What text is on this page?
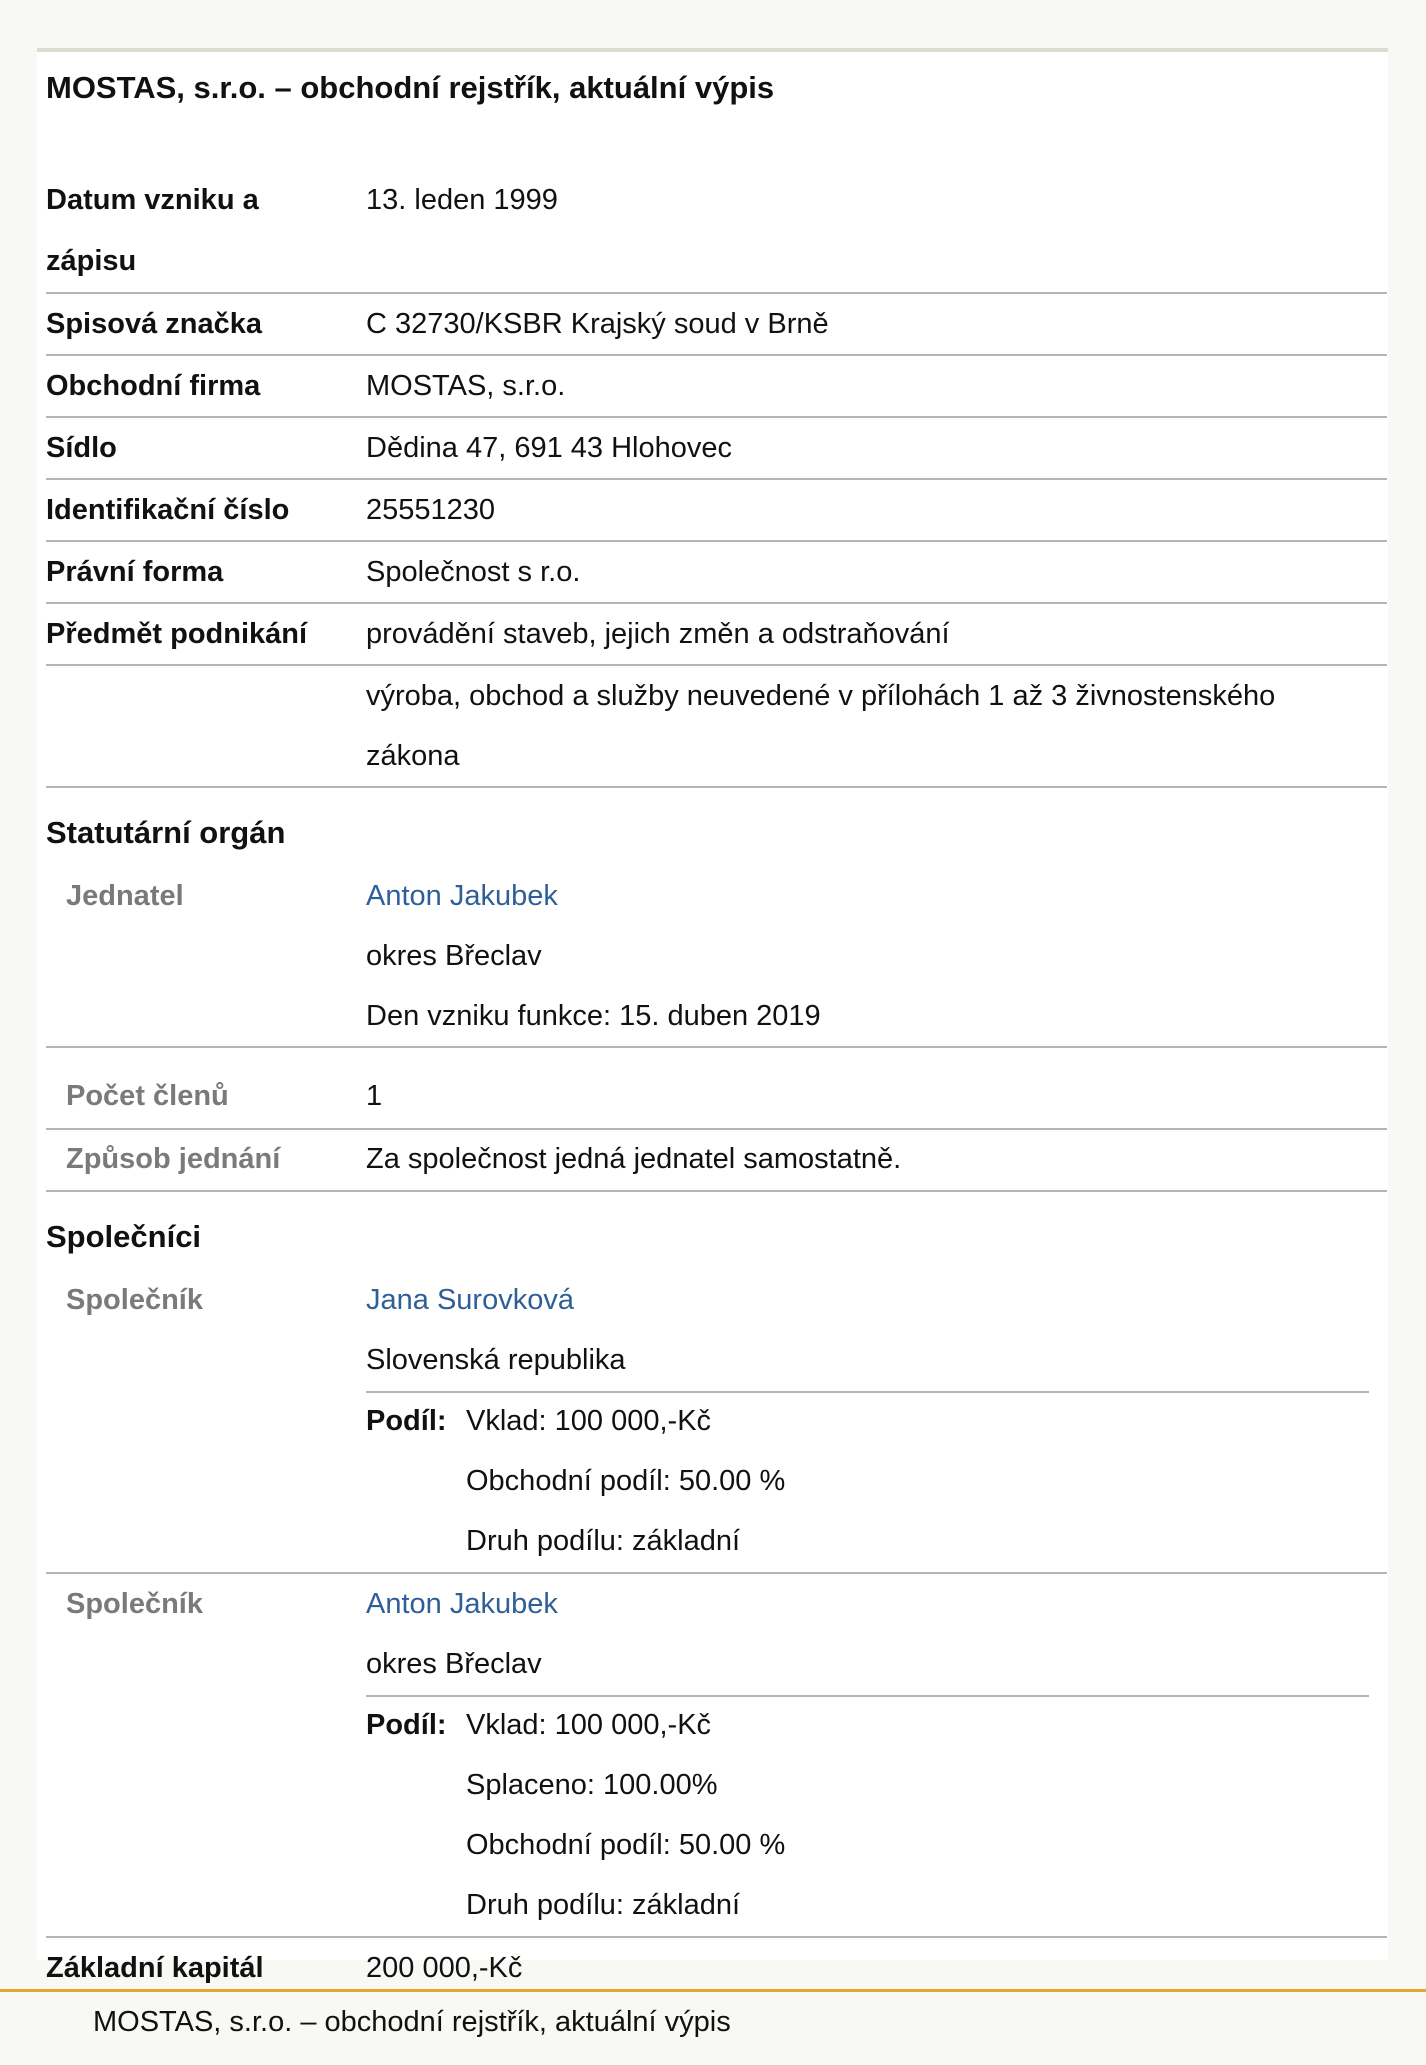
MOSTAS, s.r.o. – obchodní rejstřík, aktuální výpis
Datum vzniku a
zápisu
13. leden 1999
Spisová značka	C 32730/KSBR Krajský soud v Brně
Obchodní firma	MOSTAS, s.r.o.
Sídlo	Dědina 47, 691 43 Hlohovec
Identifikační číslo	25551230
Právní forma	Společnost s r.o.
Předmět podnikání provádění staveb, jejich změn a odstraňování
výroba, obchod a služby neuvedené v přílohách 1 až 3 živnostenského
zákona
Statutární orgán
Jednatel	Anton Jakubek
okres Břeclav
Den vzniku funkce: 15. duben 2019
Počet členů	1
Způsob jednání	Za společnost jedná jednatel samostatně.
Společníci
Společník	Jana Surovková
Slovenská republika
Podíl: Vklad: 100 000,-Kč
Obchodní podíl: 50.00 %
Druh podílu: základní
Společník	Anton Jakubek
okres Břeclav
Podíl: Vklad: 100 000,-Kč
Splaceno: 100.00%
Obchodní podíl: 50.00 %
Druh podílu: základní
Základní kapitál	200 000,-Kč
MOSTAS, s.r.o. – obchodní rejstřík, aktuální výpis
